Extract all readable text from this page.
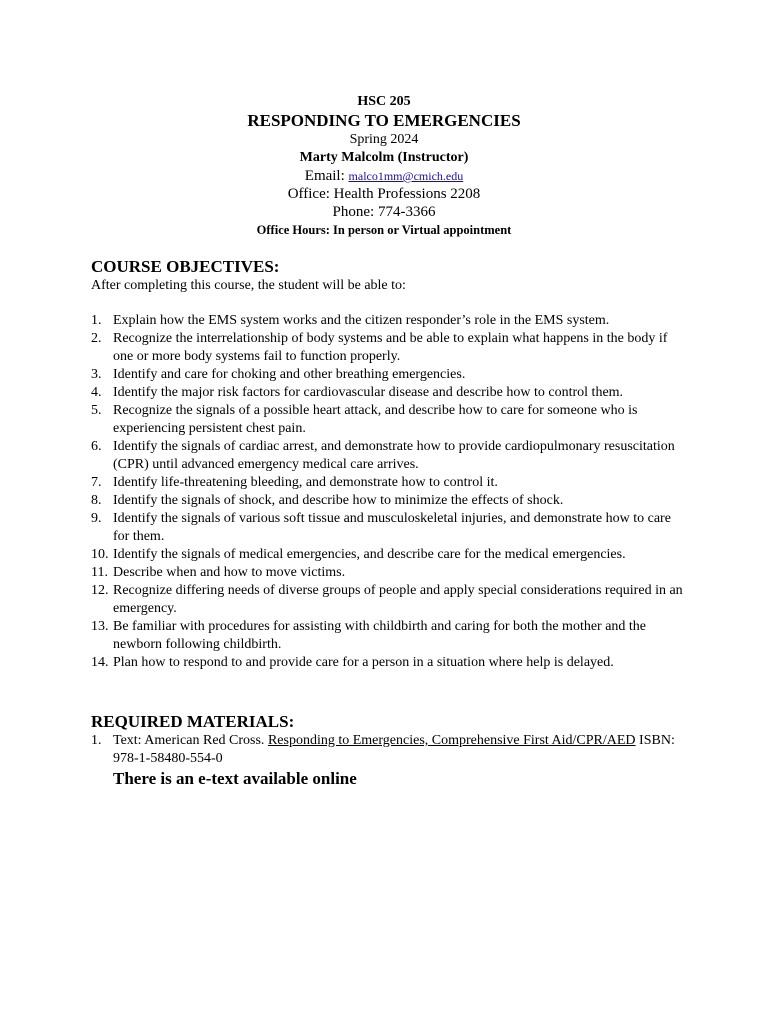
HSC 205
RESPONDING TO EMERGENCIES
Spring 2024
Marty Malcolm (Instructor)
Email: malco1mm@cmich.edu
Office: Health Professions 2208
Phone: 774-3366
Office Hours: In person or Virtual appointment
COURSE OBJECTIVES:
After completing this course, the student will be able to:
1. Explain how the EMS system works and the citizen responder’s role in the EMS system.
2. Recognize the interrelationship of body systems and be able to explain what happens in the body if one or more body systems fail to function properly.
3. Identify and care for choking and other breathing emergencies.
4. Identify the major risk factors for cardiovascular disease and describe how to control them.
5. Recognize the signals of a possible heart attack, and describe how to care for someone who is experiencing persistent chest pain.
6. Identify the signals of cardiac arrest, and demonstrate how to provide cardiopulmonary resuscitation (CPR) until advanced emergency medical care arrives.
7. Identify life-threatening bleeding, and demonstrate how to control it.
8. Identify the signals of shock, and describe how to minimize the effects of shock.
9. Identify the signals of various soft tissue and musculoskeletal injuries, and demonstrate how to care for them.
10. Identify the signals of medical emergencies, and describe care for the medical emergencies.
11. Describe when and how to move victims.
12. Recognize differing needs of diverse groups of people and apply special considerations required in an emergency.
13. Be familiar with procedures for assisting with childbirth and caring for both the mother and the newborn following childbirth.
14. Plan how to respond to and provide care for a person in a situation where help is delayed.
REQUIRED MATERIALS:
1. Text: American Red Cross. Responding to Emergencies, Comprehensive First Aid/CPR/AED ISBN: 978-1-58480-554-0
There is an e-text available online
